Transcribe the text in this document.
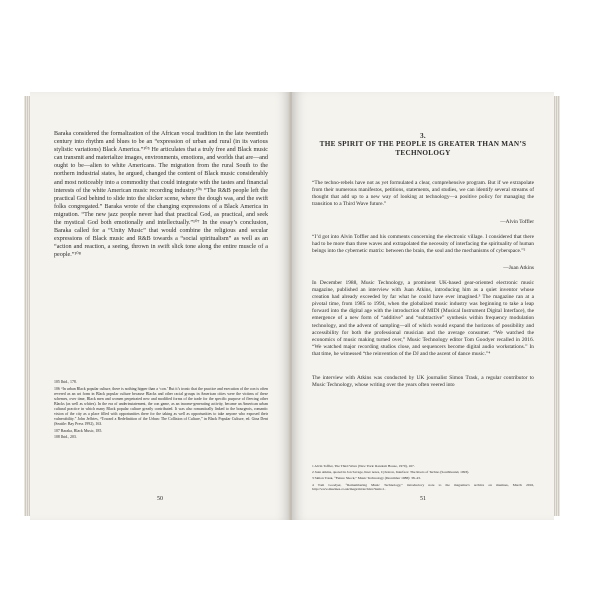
Baraka considered the formalization of the African vocal tradition in the late twentieth century into rhythm and blues to be an “expression of urban and rural (in its various stylistic variations) Black America.”¹⁰⁵ He articulates that a truly free and Black music can transmit and materialize images, environments, emotions, and worlds that are—and ought to be—alien to white Americans. The migration from the rural South to the northern industrial states, he argued, changed the content of Black music considerably and most noticeably into a commodity that could integrate with the tastes and financial interests of the white American music recording industry.¹⁰⁶ “The R&B people left the practical God behind to slide into the slicker scene, where the dough was, and the swift folks congregated.” Baraka wrote of the changing expressions of a Black America in migration. “The new jazz people never had that practical God, as practical, and seek the mystical God both emotionally and intellectually.”¹⁰⁷ In the essay’s conclusion, Baraka called for a “Unity Music” that would combine the religious and secular expressions of Black music and R&B towards a “social spiritualism” as well as an “action and reaction, a seeing, thrown in swift slick tone along the entire muscle of a people.”¹⁰⁸

105 Ibid., 178.

106 “In urban Black popular culture, there is nothing hipper than a ‘con.’ But it’s ironic that the practice and execution of the con is often revered as an art form in Black popular culture because Blacks and other racial groups in American cities were the victims of these schemes, over time, Black men and women perpetrated new and modified forms of the trade for the specific purpose of fleecing other Blacks (as well as whites). In the era of underinstatement, the con game, as an income-generating activity, became an American urban cultural practice in which many Black popular culture greatly contributed. It was also romantically linked to the bourgeois, romantic vision of the city as a place filled with opportunities there for the taking as well as opportunities to take anyone who exposed their vulnerability.” John Jeffries, “Toward a Redefinition of the Urban: The Collision of Culture,” in Black Popular Culture, ed. Gina Dent (Seattle: Bay Press 1992), 163.

107 Baraka, Black Music, 185.

108 Ibid., 203.

50
3.

THE SPIRIT OF THE PEOPLE IS GREATER THAN MAN’S TECHNOLOGY

“The techno-rebels have not as yet formulated a clear, comprehensive program. But if we extrapolate from their numerous manifestos, petitions, statements, and studies, we can identify several streams of thought that add up to a new way of looking at technology—a positive policy for managing the transition to a Third Wave future.”

—Alvin Toffler

“I’d got into Alvin Toffler and his comments concerning the electronic village. I considered that there had to be more than three waves and extrapolated the necessity of interfacing the spirituality of human beings into the cybernetic matrix: between the brain, the soul and the mechanisms of cyberspace.”²

—Juan Atkins

In December 1988, Music Technology, a prominent UK-based gear-oriented electronic music magazine, published an interview with Juan Atkins, introducing him as a quiet inventor whose creation had already exceeded by far what he could have ever imagined.³ The magazine ran at a pivotal time, from 1985 to 1994, when the globalized music industry was beginning to take a leap forward into the digital age with the introduction of MIDI (Musical Instrument Digital Interface), the emergence of a new form of “additive” and “subtractive” synthesis within frequency modulation technology, and the advent of sampling—all of which would expand the horizons of possibility and accessibility for both the professional musician and the average consumer. “We watched the economics of music making turned over,” Music Technology editor Tom Goodyer recalled in 2016. “We watched major recording studios close, and sequencers become digital audio workstations.” In that time, he witnessed “the reinvention of the DJ and the ascent of dance music.”⁴

The interview with Atkins was conducted by UK journalist Simon Trask, a regular contributor to Music Technology, whose writing over the years often veered into

1 Alvin Toffler, The Third Wave (New York: Random House, 1970), 167.

2 Juan Atkins, quoted in Jon Savage, liner notes, Cybotron, Interface: The Roots of Techno (Southbound, 1993).

3 Simon Trask, “Future Shock,” Music Technology (December 1988): 38–43.

4 Tom Goodyer, “Remembering Music Technology,” introductory note to the magazine’s archive on muzines, March 2016, http://www.muzines.co.uk/mags/mt/archive?item=1.

51
